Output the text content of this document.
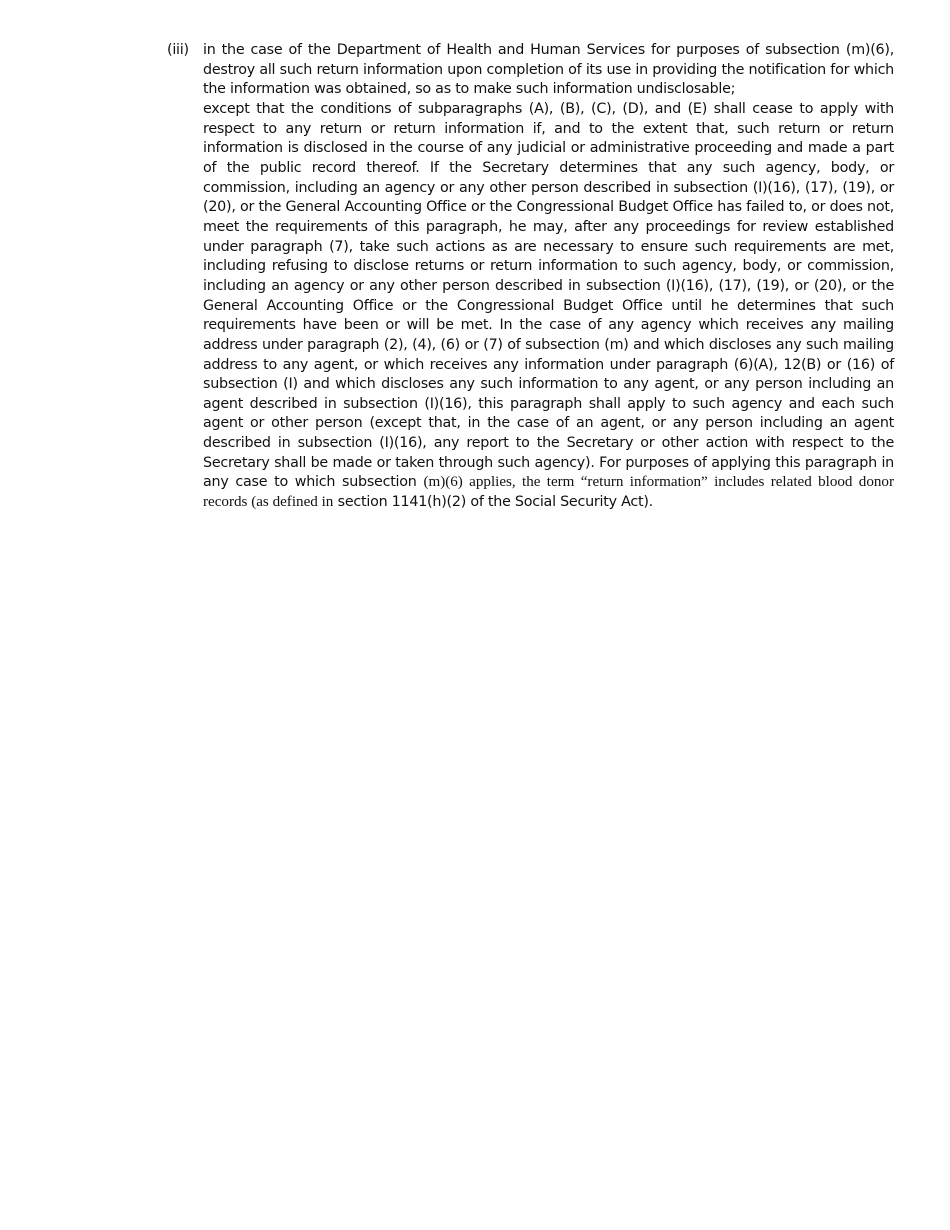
(iii) in the case of the Department of Health and Human Services for purposes of subsection (m)(6), destroy all such return information upon completion of its use in providing the notification for which the information was obtained, so as to make such information undisclosable;

except that the conditions of subparagraphs (A), (B), (C), (D), and (E) shall cease to apply with respect to any return or return information if, and to the extent that, such return or return information is disclosed in the course of any judicial or administrative proceeding and made a part of the public record thereof. If the Secretary determines that any such agency, body, or commission, including an agency or any other person described in subsection (I)(16), (17), (19), or (20), or the General Accounting Office or the Congressional Budget Office has failed to, or does not, meet the requirements of this paragraph, he may, after any proceedings for review established under paragraph (7), take such actions as are necessary to ensure such requirements are met, including refusing to disclose returns or return information to such agency, body, or commission, including an agency or any other person described in subsection (I)(16), (17), (19), or (20), or the General Accounting Office or the Congressional Budget Office until he determines that such requirements have been or will be met. In the case of any agency which receives any mailing address under paragraph (2), (4), (6) or (7) of subsection (m) and which discloses any such mailing address to any agent, or which receives any information under paragraph (6)(A), 12(B) or (16) of subsection (I) and which discloses any such information to any agent, or any person including an agent described in subsection (I)(16), this paragraph shall apply to such agency and each such agent or other person (except that, in the case of an agent, or any person including an agent described in subsection (I)(16), any report to the Secretary or other action with respect to the Secretary shall be made or taken through such agency). For purposes of applying this paragraph in any case to which subsection (m)(6) applies, the term “return information” includes related blood donor records (as defined in section 1141(h)(2) of the Social Security Act).
